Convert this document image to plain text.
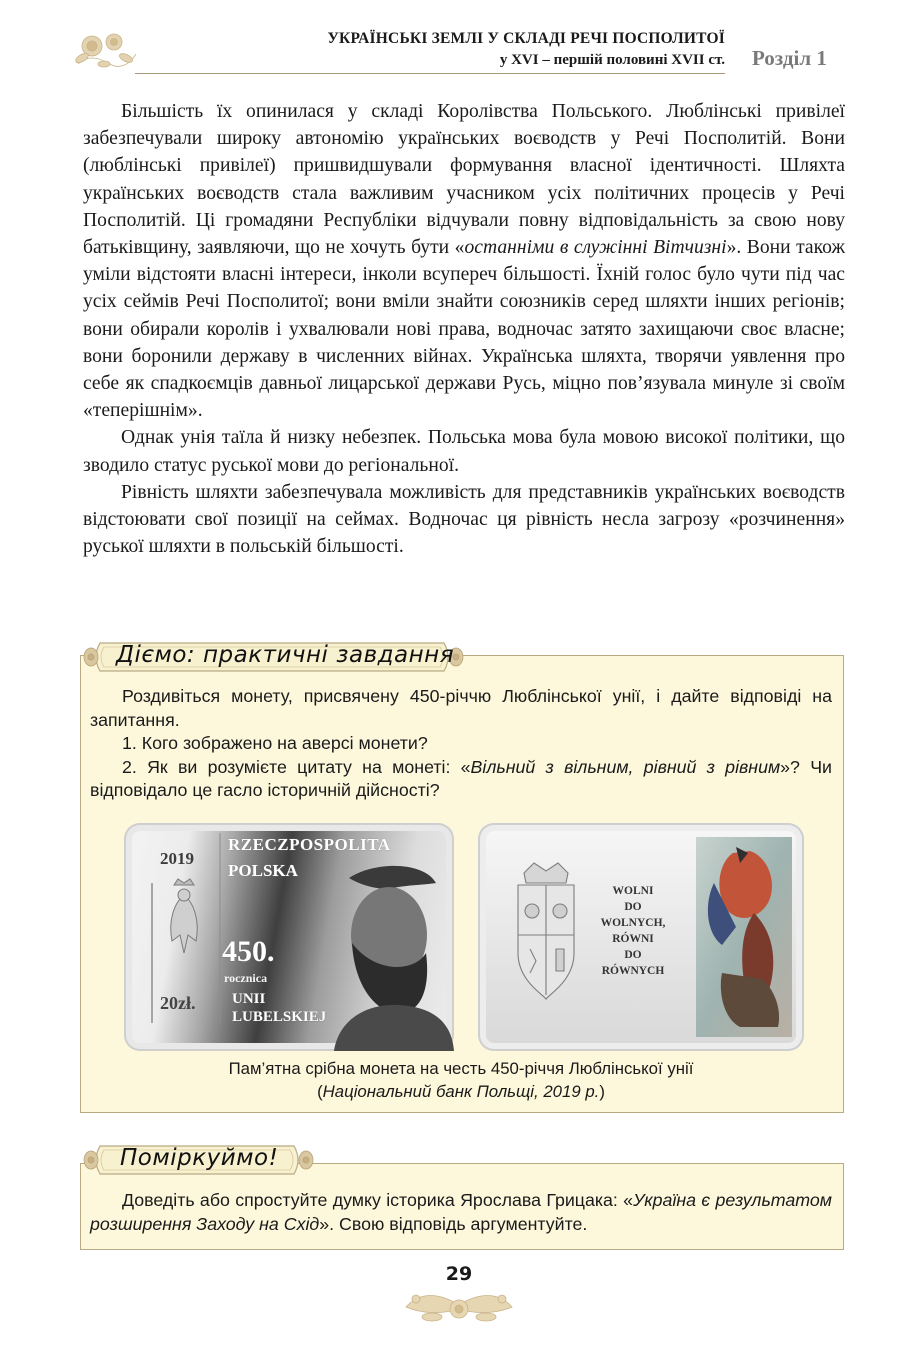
УКРАЇНСЬКІ ЗЕМЛІ У СКЛАДІ РЕЧІ ПОСПОЛИТОЇ
у XVI – першій половині XVII ст. Розділ 1

Більшість їх опинилася у складі Королівства Польського. Люблінські привілеї забезпечували широку автономію українських воєводств у Речі Посполитій. Вони (люблінські привілеї) пришвидшували формування власної ідентичності. Шляхта українських воєводств стала важливим учасником усіх політичних процесів у Речі Посполитій. Ці громадяни Республіки відчували повну відповідальність за свою нову батьківщину, заявляючи, що не хочуть бути «останніми в служінні Вітчизні». Вони також уміли відстояти власні інтереси, інколи всупереч більшості. Їхній голос було чути під час усіх сеймів Речі Посполитої; вони вміли знайти союзників серед шляхти інших регіонів; вони обирали королів і ухвалювали нові права, водночас затято захищаючи своє власне; вони боронили державу в численних війнах. Українська шляхта, творячи уявлення про себе як спадкоємців давньої лицарської держави Русь, міцно пов’язувала минуле зі своїм «теперішнім».

Однак унія таїла й низку небезпек. Польська мова була мовою високої політики, що зводило статус руської мови до регіональної.

Рівність шляхти забезпечувала можливість для представників українських воєводств відстоювати свої позиції на сеймах. Водночас ця рівність несла загрозу «розчинення» руської шляхти в польській більшості.

Діємо: практичні завдання

Роздивіться монету, присвячену 450-річчю Люблінської унії, і дайте відповіді на запитання.

1. Кого зображено на аверсі монети?

2. Як ви розумієте цитату на монеті: «Вільний з вільним, рівний з рівним»? Чи відповідало це гасло історичній дійсності?

2019
RZECZPOSPOLITA
POLSKA
450.
rocznica
20zł. UNII
LUBELSKIEJ
WOLNI
DO
WOLNYCH,
RÓWNI
DO
RÓWNYCH
Пам’ятна срібна монета на честь 450-річчя Люблінської унії
(Національний банк Польщі, 2019 р.)
Поміркуймо!

Доведіть або спростуйте думку історика Ярослава Грицака: «Україна є результатом розширення Заходу на Схід». Свою відповідь аргументуйте.

29
